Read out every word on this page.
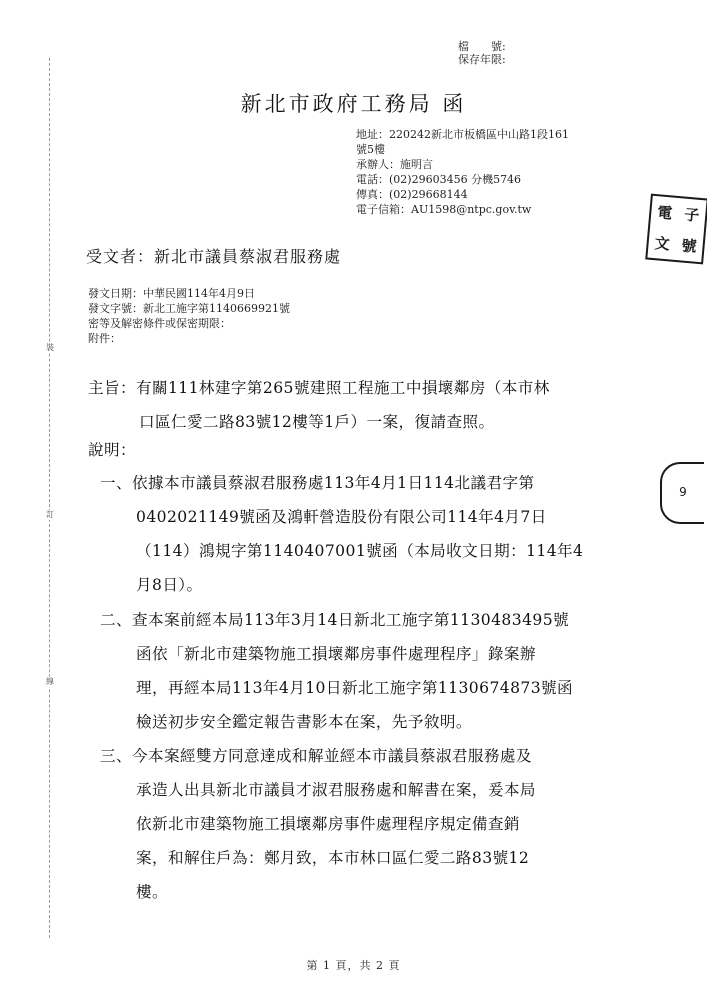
裝
訂
線
檔　　號:
保存年限:
新北市政府工務局 函
地址：220242新北市板橋區中山路1段161
號5樓
承辦人：施明言
電話：(02)29603456 分機5746
傳真：(02)29668144
電子信箱：AU1598@ntpc.gov.tw	電 子
文 號
9
受文者：新北市議員蔡淑君服務處
發文日期：中華民國114年4月9日
發文字號：新北工施字第1140669921號
密等及解密條件或保密期限：
附件：
主旨：有關111林建字第265號建照工程施工中損壞鄰房（本市林
口區仁愛二路83號12樓等1戶）一案，復請查照。
說明：
一、依據本市議員蔡淑君服務處113年4月1日114北議君字第
0402021149號函及鴻軒營造股份有限公司114年4月7日
（114）鴻規字第1140407001號函（本局收文日期：114年4
月8日）。
二、查本案前經本局113年3月14日新北工施字第1130483495號
函依「新北市建築物施工損壞鄰房事件處理程序」錄案辦
理，再經本局113年4月10日新北工施字第1130674873號函
檢送初步安全鑑定報告書影本在案，先予敘明。
三、今本案經雙方同意達成和解並經本市議員蔡淑君服務處及
承造人出具新北市議員才淑君服務處和解書在案，爰本局
依新北市建築物施工損壞鄰房事件處理程序規定備查銷
案，和解住戶為：鄭月致，本市林口區仁愛二路83號12
樓。
第 1 頁，共 2 頁
